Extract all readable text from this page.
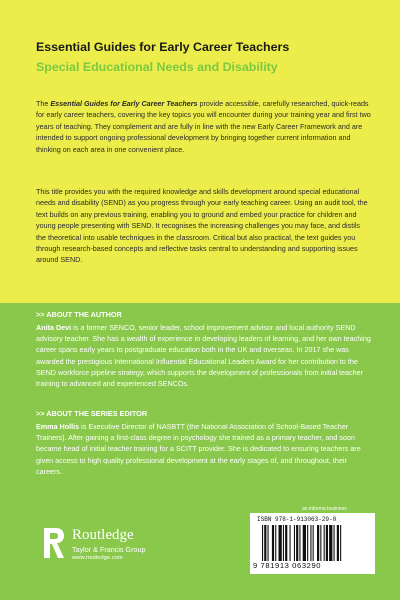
Essential Guides for Early Career Teachers
Special Educational Needs and Disability

The Essential Guides for Early Career Teachers provide accessible, carefully researched, quick-reads for early career teachers, covering the key topics you will encounter during your training year and first two years of teaching. They complement and are fully in line with the new Early Career Framework and are intended to support ongoing professional development by bringing together current information and thinking on each area in one convenient place.

This title provides you with the required knowledge and skills development around special educational needs and disability (SEND) as you progress through your early teaching career. Using an audit tool, the text builds on any previous training, enabling you to ground and embed your practice for children and young people presenting with SEND. It recognises the increasing challenges you may face, and distils the theoretical into usable techniques in the classroom. Critical but also practical, the text guides you through research-based concepts and reflective tasks central to understanding and supporting issues around SEND.

>> ABOUT THE AUTHOR

Anita Devi is a former SENCO, senior leader, school improvement advisor and local authority SEND advisory teacher. She has a wealth of experience in developing leaders of learning, and her own teaching career spans early years to postgraduate education both in the UK and overseas. In 2017 she was awarded the prestigious International Influential Educational Leaders Award for her contribution to the SEND workforce pipeline strategy, which supports the development of professionals from initial teacher training to advanced and experienced SENCOs.

>> ABOUT THE SERIES EDITOR

Emma Hollis is Executive Director of NASBTT (the National Association of School-Based Teacher Trainers). After gaining a first-class degree in psychology she trained as a primary teacher, and soon became head of initial teacher training for a SCITT provider. She is dedicated to ensuring teachers are given access to high quality professional development at the early stages of, and throughout, their careers.

Routledge
Taylor & Francis Group
www.routledge.com
an informa business
ISBN 978-1-913063-29-0
9 781913 063290
